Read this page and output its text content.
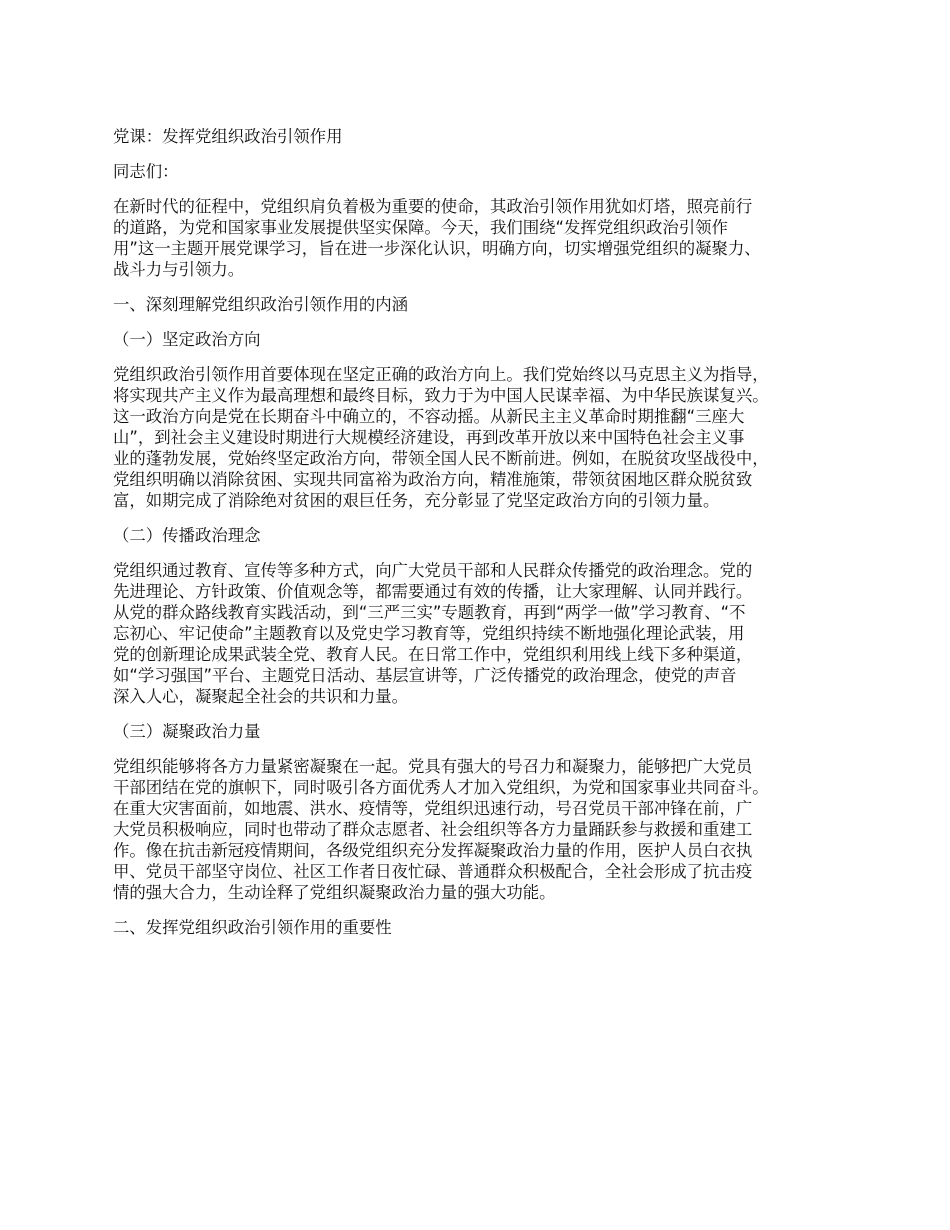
党课：发挥党组织政治引领作用
同志们：
在新时代的征程中，党组织肩负着极为重要的使命，其政治引领作用犹如灯塔，照亮前行
的道路，为党和国家事业发展提供坚实保障。今天，我们围绕“发挥党组织政治引领作
用”这一主题开展党课学习，旨在进一步深化认识，明确方向，切实增强党组织的凝聚力、
战斗力与引领力。
一、深刻理解党组织政治引领作用的内涵
（一）坚定政治方向
党组织政治引领作用首要体现在坚定正确的政治方向上。我们党始终以马克思主义为指导，
将实现共产主义作为最高理想和最终目标，致力于为中国人民谋幸福、为中华民族谋复兴。
这一政治方向是党在长期奋斗中确立的，不容动摇。从新民主主义革命时期推翻“三座大
山”，到社会主义建设时期进行大规模经济建设，再到改革开放以来中国特色社会主义事
业的蓬勃发展，党始终坚定政治方向，带领全国人民不断前进。例如，在脱贫攻坚战役中，
党组织明确以消除贫困、实现共同富裕为政治方向，精准施策，带领贫困地区群众脱贫致
富，如期完成了消除绝对贫困的艰巨任务，充分彰显了党坚定政治方向的引领力量。
（二）传播政治理念
党组织通过教育、宣传等多种方式，向广大党员干部和人民群众传播党的政治理念。党的
先进理论、方针政策、价值观念等，都需要通过有效的传播，让大家理解、认同并践行。
从党的群众路线教育实践活动，到“三严三实”专题教育，再到“两学一做”学习教育、“不
忘初心、牢记使命”主题教育以及党史学习教育等，党组织持续不断地强化理论武装，用
党的创新理论成果武装全党、教育人民。在日常工作中，党组织利用线上线下多种渠道，
如“学习强国”平台、主题党日活动、基层宣讲等，广泛传播党的政治理念，使党的声音
深入人心，凝聚起全社会的共识和力量。
（三）凝聚政治力量
党组织能够将各方力量紧密凝聚在一起。党具有强大的号召力和凝聚力，能够把广大党员
干部团结在党的旗帜下，同时吸引各方面优秀人才加入党组织，为党和国家事业共同奋斗。
在重大灾害面前，如地震、洪水、疫情等，党组织迅速行动，号召党员干部冲锋在前，广
大党员积极响应，同时也带动了群众志愿者、社会组织等各方力量踊跃参与救援和重建工
作。像在抗击新冠疫情期间，各级党组织充分发挥凝聚政治力量的作用，医护人员白衣执
甲、党员干部坚守岗位、社区工作者日夜忙碌、普通群众积极配合，全社会形成了抗击疫
情的强大合力，生动诠释了党组织凝聚政治力量的强大功能。
二、发挥党组织政治引领作用的重要性
